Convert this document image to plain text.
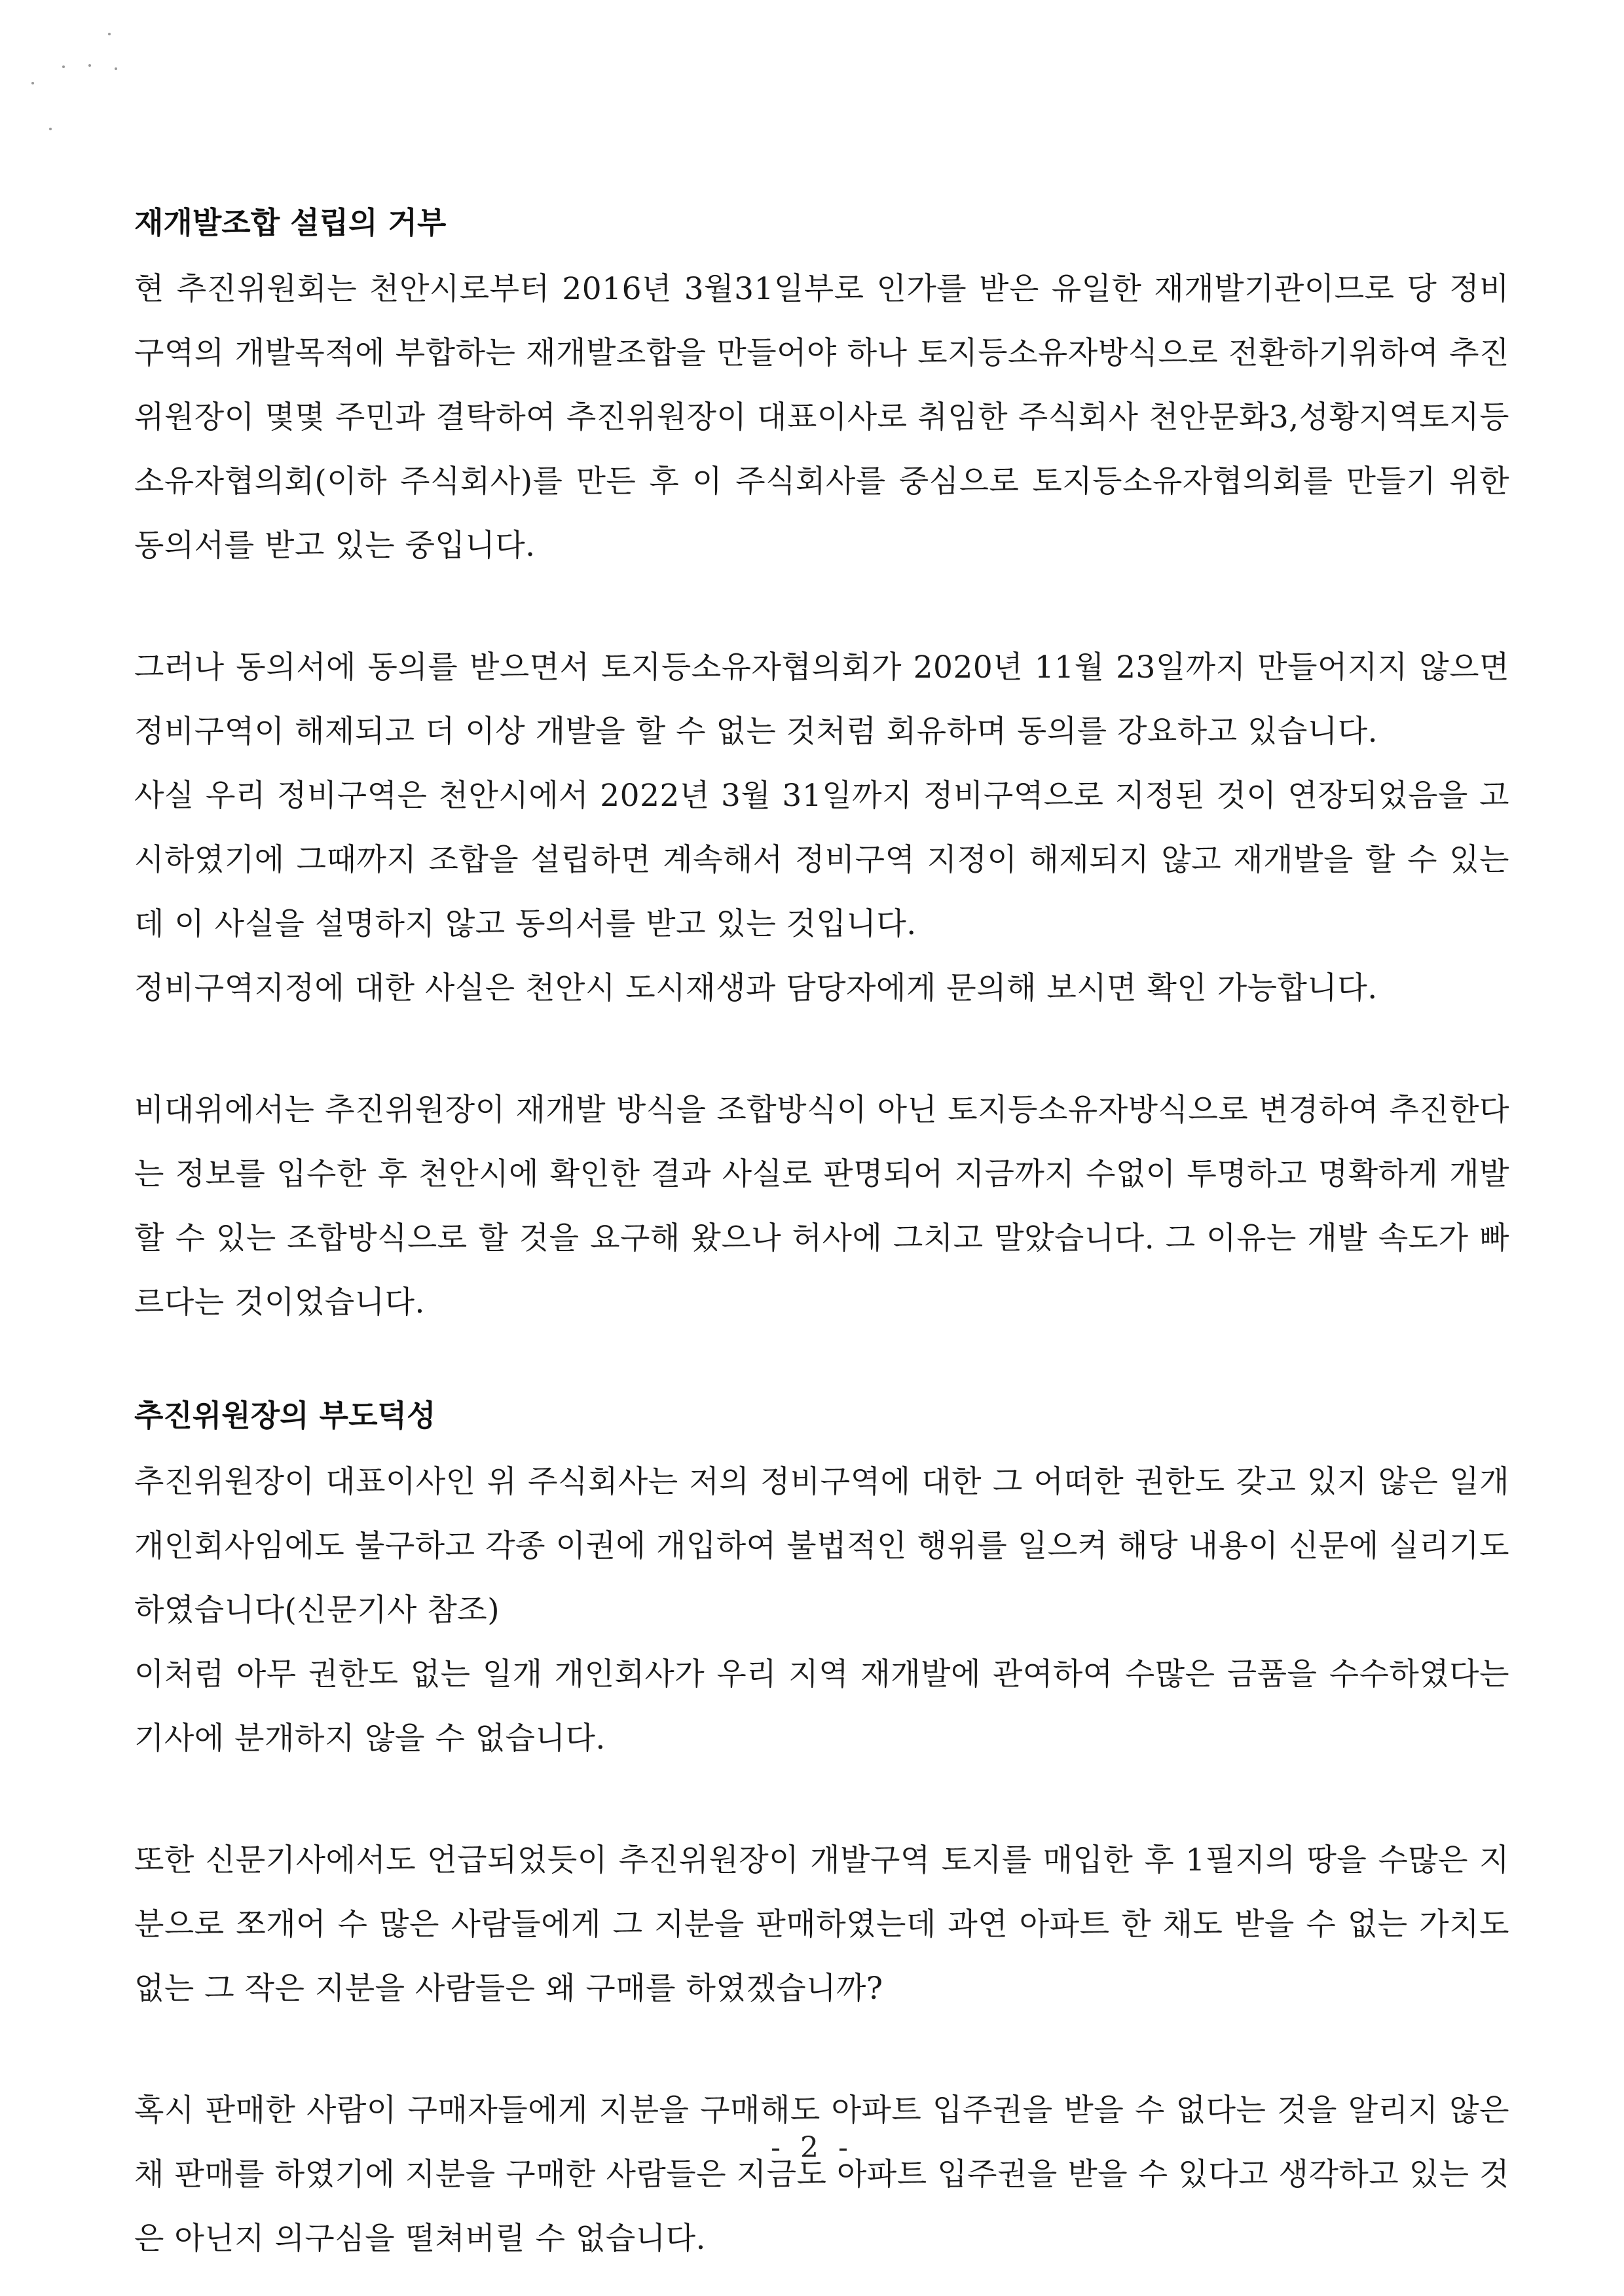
재개발조합 설립의 거부

현 추진위원회는 천안시로부터 2016년 3월31일부로 인가를 받은 유일한 재개발기관이므로 당 정비구역의 개발목적에 부합하는 재개발조합을 만들어야 하나 토지등소유자방식으로 전환하기위하여 추진위원장이 몇몇 주민과 결탁하여 추진위원장이 대표이사로 취임한 주식회사 천안문화3,성황지역토지등소유자협의회(이하 주식회사)를 만든 후 이 주식회사를 중심으로 토지등소유자협의회를 만들기 위한 동의서를 받고 있는 중입니다.

그러나 동의서에 동의를 받으면서 토지등소유자협의회가 2020년 11월 23일까지 만들어지지 않으면 정비구역이 해제되고 더 이상 개발을 할 수 없는 것처럼 회유하며 동의를 강요하고 있습니다.

사실 우리 정비구역은 천안시에서 2022년 3월 31일까지 정비구역으로 지정된 것이 연장되었음을 고시하였기에 그때까지 조합을 설립하면 계속해서 정비구역 지정이 해제되지 않고 재개발을 할 수 있는데 이 사실을 설명하지 않고 동의서를 받고 있는 것입니다.

정비구역지정에 대한 사실은 천안시 도시재생과 담당자에게 문의해 보시면 확인 가능합니다.

비대위에서는 추진위원장이 재개발 방식을 조합방식이 아닌 토지등소유자방식으로 변경하여 추진한다는 정보를 입수한 후 천안시에 확인한 결과 사실로 판명되어 지금까지 수없이 투명하고 명확하게 개발할 수 있는 조합방식으로 할 것을 요구해 왔으나 허사에 그치고 말았습니다. 그 이유는 개발 속도가 빠르다는 것이었습니다.

추진위원장의 부도덕성

추진위원장이 대표이사인 위 주식회사는 저의 정비구역에 대한 그 어떠한 권한도 갖고 있지 않은 일개 개인회사임에도 불구하고 각종 이권에 개입하여 불법적인 행위를 일으켜 해당 내용이 신문에 실리기도 하였습니다(신문기사 참조)

이처럼 아무 권한도 없는 일개 개인회사가 우리 지역 재개발에 관여하여 수많은 금품을 수수하였다는 기사에 분개하지 않을 수 없습니다.

또한 신문기사에서도 언급되었듯이 추진위원장이 개발구역 토지를 매입한 후 1필지의 땅을 수많은 지분으로 쪼개어 수 많은 사람들에게 그 지분을 판매하였는데 과연 아파트 한 채도 받을 수 없는 가치도 없는 그 작은 지분을 사람들은 왜 구매를 하였겠습니까?

혹시 판매한 사람이 구매자들에게 지분을 구매해도 아파트 입주권을 받을 수 없다는 것을 알리지 않은 채 판매를 하였기에 지분을 구매한 사람들은 지금도 아파트 입주권을 받을 수 있다고 생각하고 있는 것은 아닌지 의구심을 떨쳐버릴 수 없습니다.

- 2 -
